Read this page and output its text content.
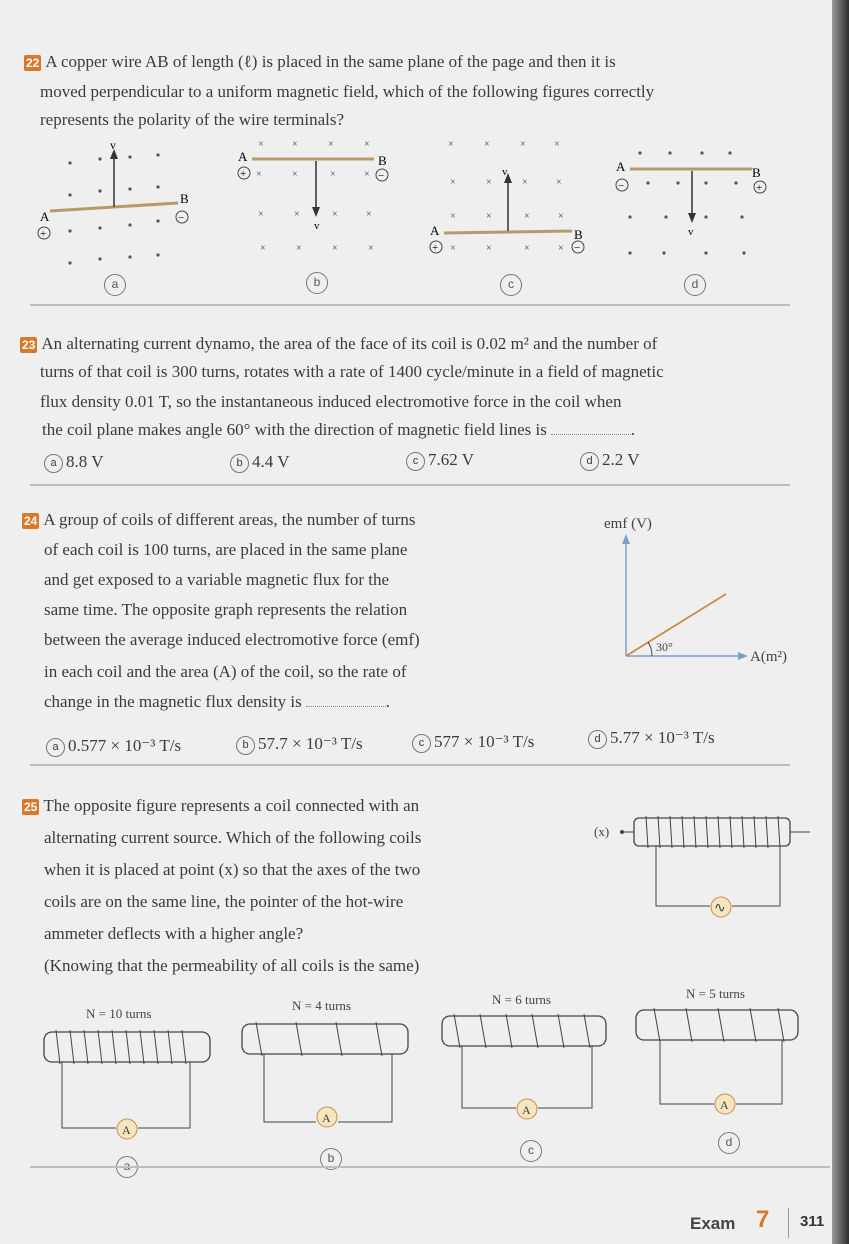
22 A copper wire AB of length (ℓ) is placed in the same plane of the page and then it is
moved perpendicular to a uniform magnetic field, which of the following figures correctly
represents the polarity of the wire terminals?
v
A
B
+
−
×	×	×	×
×	×	×	×
×	×	×	×
×	×	×	×
v
A	B
+	−
×	×	×	×
×	×	×	×
×	×	×	×
×	×	×	×
v
A	B
+	−
v
A	B
−	+
a	b	c	d
23 An alternating current dynamo, the area of the face of its coil is 0.02 m² and the number of
turns of that coil is 300 turns, rotates with a rate of 1400 cycle/minute in a field of magnetic
flux density 0.01 T, so the instantaneous induced electromotive force in the coil when
the coil plane makes angle 60° with the direction of magnetic field lines is	.
a 8.8 V	b 4.4 V	c 7.62 V	d 2.2 V
24 A group of coils of different areas, the number of turns
of each coil is 100 turns, are placed in the same plane
and get exposed to a variable magnetic flux for the
same time. The opposite graph represents the relation
between the average induced electromotive force (emf)
in each coil and the area (A) of the coil, so the rate of
change in the magnetic flux density is	.
emf (V)
A(m²)
30°
a 0.577 × 10⁻³ T/s	b 57.7 × 10⁻³ T/s	c 577 × 10⁻³ T/s	d 5.77 × 10⁻³ T/s
25 The opposite figure represents a coil connected with an
alternating current source. Which of the following coils
when it is placed at point (x) so that the axes of the two
coils are on the same line, the pointer of the hot-wire
ammeter deflects with a higher angle?
(Knowing that the permeability of all coils is the same)
(x)
∿
N = 10 turns
A
N = 4 turns
A
N = 6 turns
A
N = 5 turns
A
b
c
d
Exam 7 311
